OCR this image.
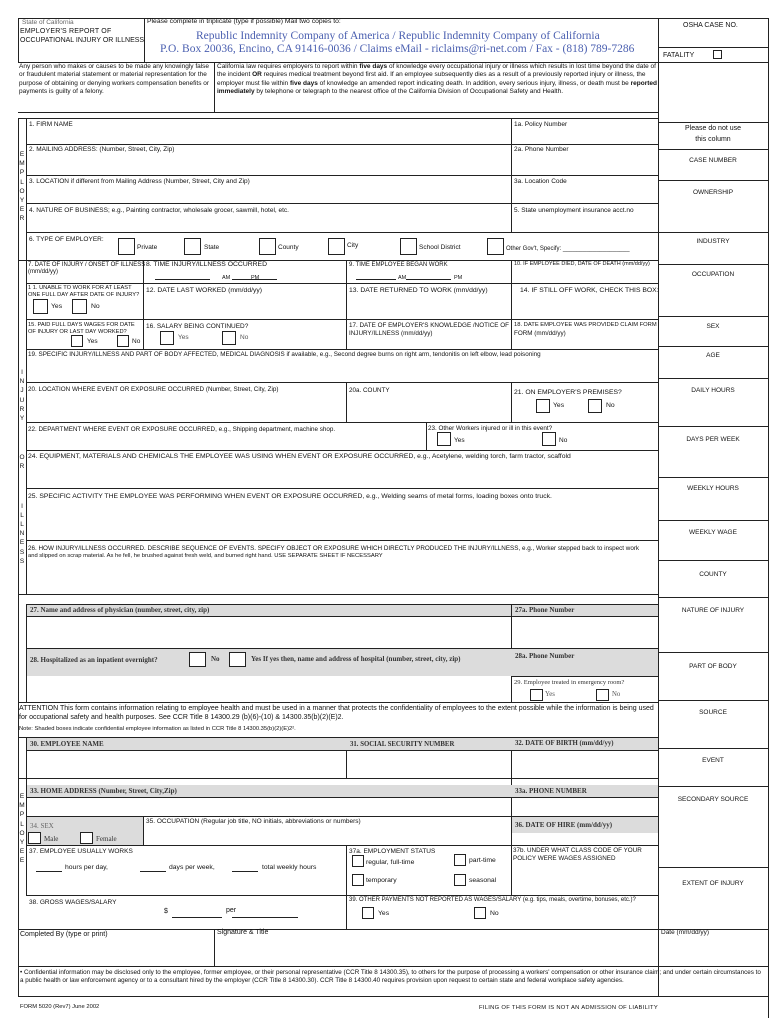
State of California
EMPLOYER'S REPORT OF
OCCUPATIONAL INJURY OR ILLNESS
Please complete in triplicate (type if possible) Mail two copies to:
Republic Indemnity Company of America / Republic Indemnity Company of California
P.O. Box 20036, Encino, CA 91416-0036 / Claims eMail - riclaims@ri-net.com / Fax - (818) 789-7286
OSHA CASE NO.
FATALITY
Any person who makes or causes to be made any knowingly false or fraudulent material statement or material representation for the purpose of obtaining or denying workers compensation benefits or payments is guilty of a felony.
California law requires employers to report within five days of knowledge every occupational injury or illness which results in lost time beyond the date of the incident OR requires medical treatment beyond first aid. If an employee subsequently dies as a result of a previously reported injury or illness, the employer must file within five days of knowledge an amended report indicating death. In addition, every serious injury, illness, or death must be reported immediately by telephone or telegraph to the nearest office of the California Division of Occupational Safety and Health.
E
M
P
L
O
Y
E
R
I
N
J
U
R
Y
O
R
I
L
L
N
E
S
S
E
M
P
L
O
Y
E
E
1. FIRM NAME	1a. Policy Number
2. MAILING ADDRESS: (Number, Street, City, Zip)	2a. Phone Number
3. LOCATION if different from Mailing Address (Number, Street, City and Zip)	3a. Location Code
4. NATURE OF BUSINESS; e.g., Painting contractor, wholesale grocer, sawmill, hotel, etc.	5. State unemployment insurance acct.no
6. TYPE OF EMPLOYER:
Private	State	County	City	School District	Other Gov't, Specify: ____________________
7. DATE OF INJURY / ONSET OF ILLNESS
(mm/dd/yy)
8. TIME INJURY/ILLNESS OCCURRED
AM	PM
9. TIME EMPLOYEE BEGAN WORK
AM	PM
10. IF EMPLOYEE DIED, DATE OF DEATH (mm/dd/yy)
1 1. UNABLE TO WORK FOR AT LEAST ONE FULL DAY AFTER DATE OF INJURY?
Yes	No
12. DATE LAST WORKED (mm/dd/yy)	13. DATE RETURNED TO WORK (mm/dd/yy)	14. IF STILL OFF WORK, CHECK THIS BOX:
15. PAID FULL DAYS WAGES FOR DATE OF INJURY OR LAST DAY WORKED?
Yes	No
16. SALARY BEING CONTINUED?
Yes	No
17. DATE OF EMPLOYER'S KNOWLEDGE /NOTICE OF INJURY/ILLNESS (mm/dd/yy)
18. DATE EMPLOYEE WAS PROVIDED CLAIM FORM
FORM (mm/dd/yy)
19. SPECIFIC INJURY/ILLNESS AND PART OF BODY AFFECTED, MEDICAL DIAGNOSIS if available, e.g., Second degree burns on right arm, tendonitis on left elbow, lead poisoning
20. LOCATION WHERE EVENT OR EXPOSURE OCCURRED (Number, Street, City, Zip)	20a. COUNTY	21. ON EMPLOYER'S PREMISES?
Yes	No
22. DEPARTMENT WHERE EVENT OR EXPOSURE OCCURRED, e.g., Shipping department, machine shop.	23. Other Workers injured or ill in this event?
Yes	No
24. EQUIPMENT, MATERIALS AND CHEMICALS THE EMPLOYEE WAS USING WHEN EVENT OR EXPOSURE OCCURRED, e.g., Acetylene, welding torch, farm tractor, scaffold
25. SPECIFIC ACTIVITY THE EMPLOYEE WAS PERFORMING WHEN EVENT OR EXPOSURE OCCURRED, e.g., Welding seams of metal forms, loading boxes onto truck.
26. HOW INJURY/ILLNESS OCCURRED. DESCRIBE SEQUENCE OF EVENTS. SPECIFY OBJECT OR EXPOSURE WHICH DIRECTLY PRODUCED THE INJURY/ILLNESS, e.g., Worker stepped back to inspect work
and slipped on scrap material. As he fell, he brushed against fresh weld, and burned right hand. USE SEPARATE SHEET IF NECESSARY
27. Name and address of physician (number, street, city, zip)	27a. Phone Number
28. Hospitalized as an inpatient overnight?	No	Yes If yes then, name and address of hospital (number, street, city, zip)	28a. Phone Number
29. Employee treated in emergency room?
Yes	No
ATTENTION This form contains information relating to employee health and must be used in a manner that protects the confidentiality of employees to the extent possible while the information is being used for occupational safety and health purposes. See CCR Title 8 14300.29 (b)(6)-(10) & 14300.35(b)(2)(E)2.
Note: Shaded boxes indicate confidential employee information as listed in CCR Title 8 14300.35(b)(2)(E)2².
30. EMPLOYEE NAME	31. SOCIAL SECURITY NUMBER	32. DATE OF BIRTH (mm/dd/yy)
33. HOME ADDRESS (Number, Street, City,Zip)	33a. PHONE NUMBER
34. SEX
Male	Female
35. OCCUPATION (Regular job title, NO initials, abbreviations or numbers)	36. DATE OF HIRE (mm/dd/yy)
37. EMPLOYEE USUALLY WORKS
hours per day,	days per week,	total weekly hours
37a. EMPLOYMENT STATUS
regular, full-time	part-time
temporary	seasonal
37b. UNDER WHAT CLASS CODE OF YOUR POLICY WERE WAGES ASSIGNED
38. GROSS WAGES/SALARY
$	per
39. OTHER PAYMENTS NOT REPORTED AS WAGES/SALARY (e.g. tips, meals, overtime, bonuses, etc.)?
Yes	No
Completed By (type or print)	Signature & Title	Date (mm/dd/yy)
• Confidential information may be disclosed only to the employee, former employee, or their personal representative (CCR Title 8 14300.35), to others for the purpose of processing a workers' compensation or other insurance claim; and under certain circumstances to a public health or law enforcement agency or to a consultant hired by the employer (CCR Title 8 14300.30). CCR Title 8 14300.40 requires provision upon request to certain state and federal workplace safety agencies.
FORM 5020 (Rev7) June 2002	FILING OF THIS FORM IS NOT AN ADMISSION OF LIABILITY
Please do not use
this column
CASE NUMBER
OWNERSHIP
INDUSTRY
OCCUPATION
SEX
AGE
DAILY HOURS
DAYS PER WEEK
WEEKLY HOURS
WEEKLY WAGE
COUNTY
NATURE OF INJURY
PART OF BODY
SOURCE
EVENT
SECONDARY SOURCE
EXTENT OF INJURY
